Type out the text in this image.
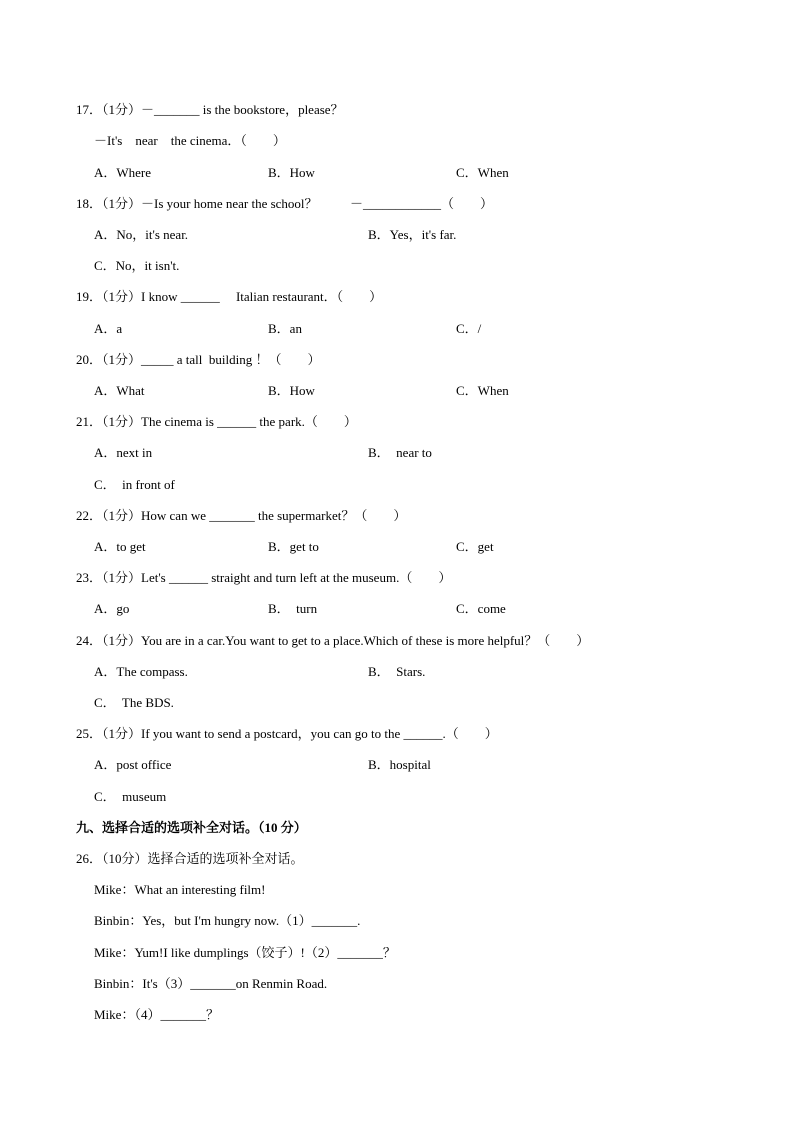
17．（1分）－_______ is the bookstore，please？
－It's    near    the cinema．（        ）
A．Where	B．How	C．When
18．（1分）－Is your home near the school？          －____________（        ）
A．No，it's near.	B．Yes，it's far.
C．No，it isn't.
19．（1分）I know ______     Italian restaurant．（        ）
A．a	B．an	C．/
20．（1分）_____ a tall  building ！（        ）
A．What	B．How	C．When
21．（1分）The cinema is ______ the park.（        ）
A．next in	B．  near to
C．  in front of
22．（1分）How can we _______ the supermarket？（        ）
A．to get	B．get to	C．get
23．（1分）Let's ______ straight and turn left at the museum.（        ）
A．go	B．  turn	C．come
24．（1分）You are in a car.You want to get to a place.Which of these is more helpful？（        ）
A．The compass.	B．  Stars.
C．  The BDS.
25．（1分）If you want to send a postcard，you can go to the ______.（        ）
A．post office	B．hospital
C．  museum
九、选择合适的选项补全对话。（10 分）
26．（10分）选择合适的选项补全对话。
Mike：What an interesting film!
Binbin：Yes，but I'm hungry now.（1）_______.
Mike：Yum!I like dumplings（饺子）!（2）_______？
Binbin：It's（3）_______on Renmin Road.
Mike：（4）_______？
